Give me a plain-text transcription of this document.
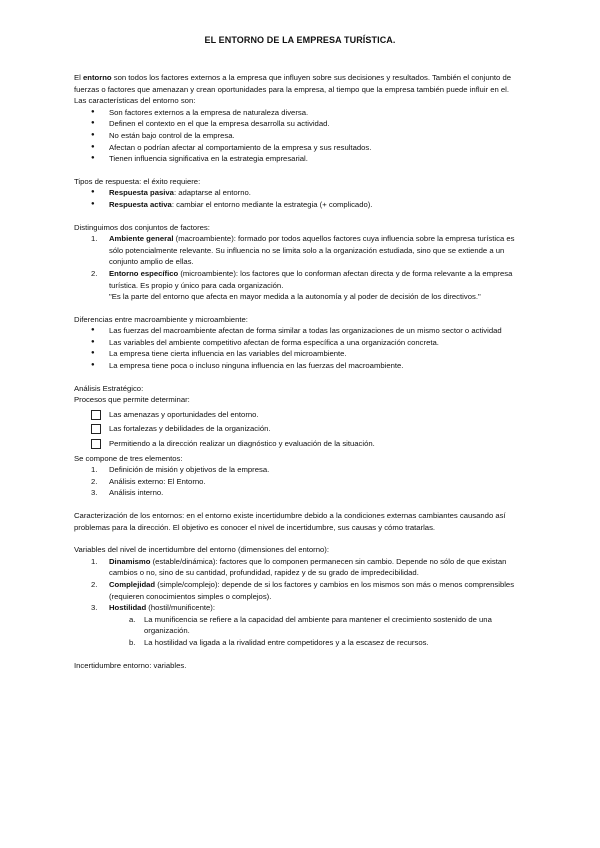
EL ENTORNO DE LA EMPRESA TURÍSTICA.

El entorno son todos los factores externos a la empresa que influyen sobre sus decisiones y resultados. También el conjunto de fuerzas o factores que amenazan y crean oportunidades para la empresa, al tiempo que la empresa también puede influir en el.

Las características del entorno son:

● Son factores externos a la empresa de naturaleza diversa.
● Definen el contexto en el que la empresa desarrolla su actividad.
● No están bajo control de la empresa.
● Afectan o podrían afectar al comportamiento de la empresa y sus resultados.
● Tienen influencia significativa en la estrategia empresarial.

Tipos de respuesta: el éxito requiere:

● Respuesta pasiva: adaptarse al entorno.
● Respuesta activa: cambiar el entorno mediante la estrategia (+ complicado).

Distinguimos dos conjuntos de factores:

1. Ambiente general (macroambiente): formado por todos aquellos factores cuya influencia sobre la empresa turística es sólo potencialmente relevante. Su influencia no se limita solo a la organización estudiada, sino que se extiende a un conjunto amplio de ellas.
2. Entorno específico (microambiente): los factores que lo conforman afectan directa y de forma relevante a la empresa turística. Es propio y único para cada organización.
"Es la parte del entorno que afecta en mayor medida a la autonomía y al poder de decisión de los directivos."

Diferencias entre macroambiente y microambiente:

● Las fuerzas del macroambiente afectan de forma similar a todas las organizaciones de un mismo sector o actividad
● Las variables del ambiente competitivo afectan de forma específica a una organización concreta.
● La empresa tiene cierta influencia en las variables del microambiente.
● La empresa tiene poca o incluso ninguna influencia en las fuerzas del macroambiente.

Análisis Estratégico:

Procesos que permite determinar:

Las amenazas y oportunidades del entorno.
Las fortalezas y debilidades de la organización.
Permitiendo a la dirección realizar un diagnóstico y evaluación de la situación.

Se compone de tres elementos:

1. Definición de misión y objetivos de la empresa.
2. Análisis externo: El Entorno.
3. Análisis interno.

Caracterización de los entornos: en el entorno existe incertidumbre debido a la condiciones externas cambiantes causando así problemas para la dirección. El objetivo es conocer el nivel de incertidumbre, sus causas y cómo tratarlas.

Variables del nivel de incertidumbre del entorno (dimensiones del entorno):

1. Dinamismo (estable/dinámica): factores que lo componen permanecen sin cambio. Depende no sólo de que existan cambios o no, sino de su cantidad, profundidad, rapidez y de su grado de impredecibilidad.
2. Complejidad (simple/complejo): depende de si los factores y cambios en los mismos son más o menos comprensibles (requieren conocimientos simples o complejos).
3. Hostilidad (hostil/munificente):
a. La munificencia se refiere a la capacidad del ambiente para mantener el crecimiento sostenido de una organización.
b. La hostilidad va ligada a la rivalidad entre competidores y a la escasez de recursos.

Incertidumbre entorno: variables.
